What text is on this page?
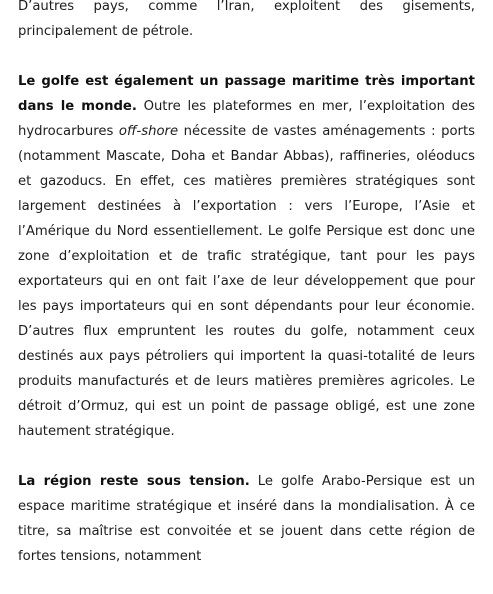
D’autres pays, comme l’Iran, exploitent des gisements, principalement de pétrole.

Le golfe est également un passage maritime très important dans le monde. Outre les plateformes en mer, l’exploitation des hydrocarbures off-shore nécessite de vastes aménagements : ports (notamment Mascate, Doha et Bandar Abbas), raffineries, oléoducs et gazoducs. En effet, ces matières premières stratégiques sont largement destinées à l’exportation : vers l’Europe, l’Asie et l’Amérique du Nord essentiellement. Le golfe Persique est donc une zone d’exploitation et de trafic stratégique, tant pour les pays exportateurs qui en ont fait l’axe de leur développement que pour les pays importateurs qui en sont dépendants pour leur économie. D’autres flux empruntent les routes du golfe, notamment ceux destinés aux pays pétroliers qui importent la quasi-totalité de leurs produits manufacturés et de leurs matières premières agricoles. Le détroit d’Ormuz, qui est un point de passage obligé, est une zone hautement stratégique.

La région reste sous tension. Le golfe Arabo-Persique est un espace maritime stratégique et inséré dans la mondialisation. À ce titre, sa maîtrise est convoitée et se jouent dans cette région de fortes tensions, notamment
